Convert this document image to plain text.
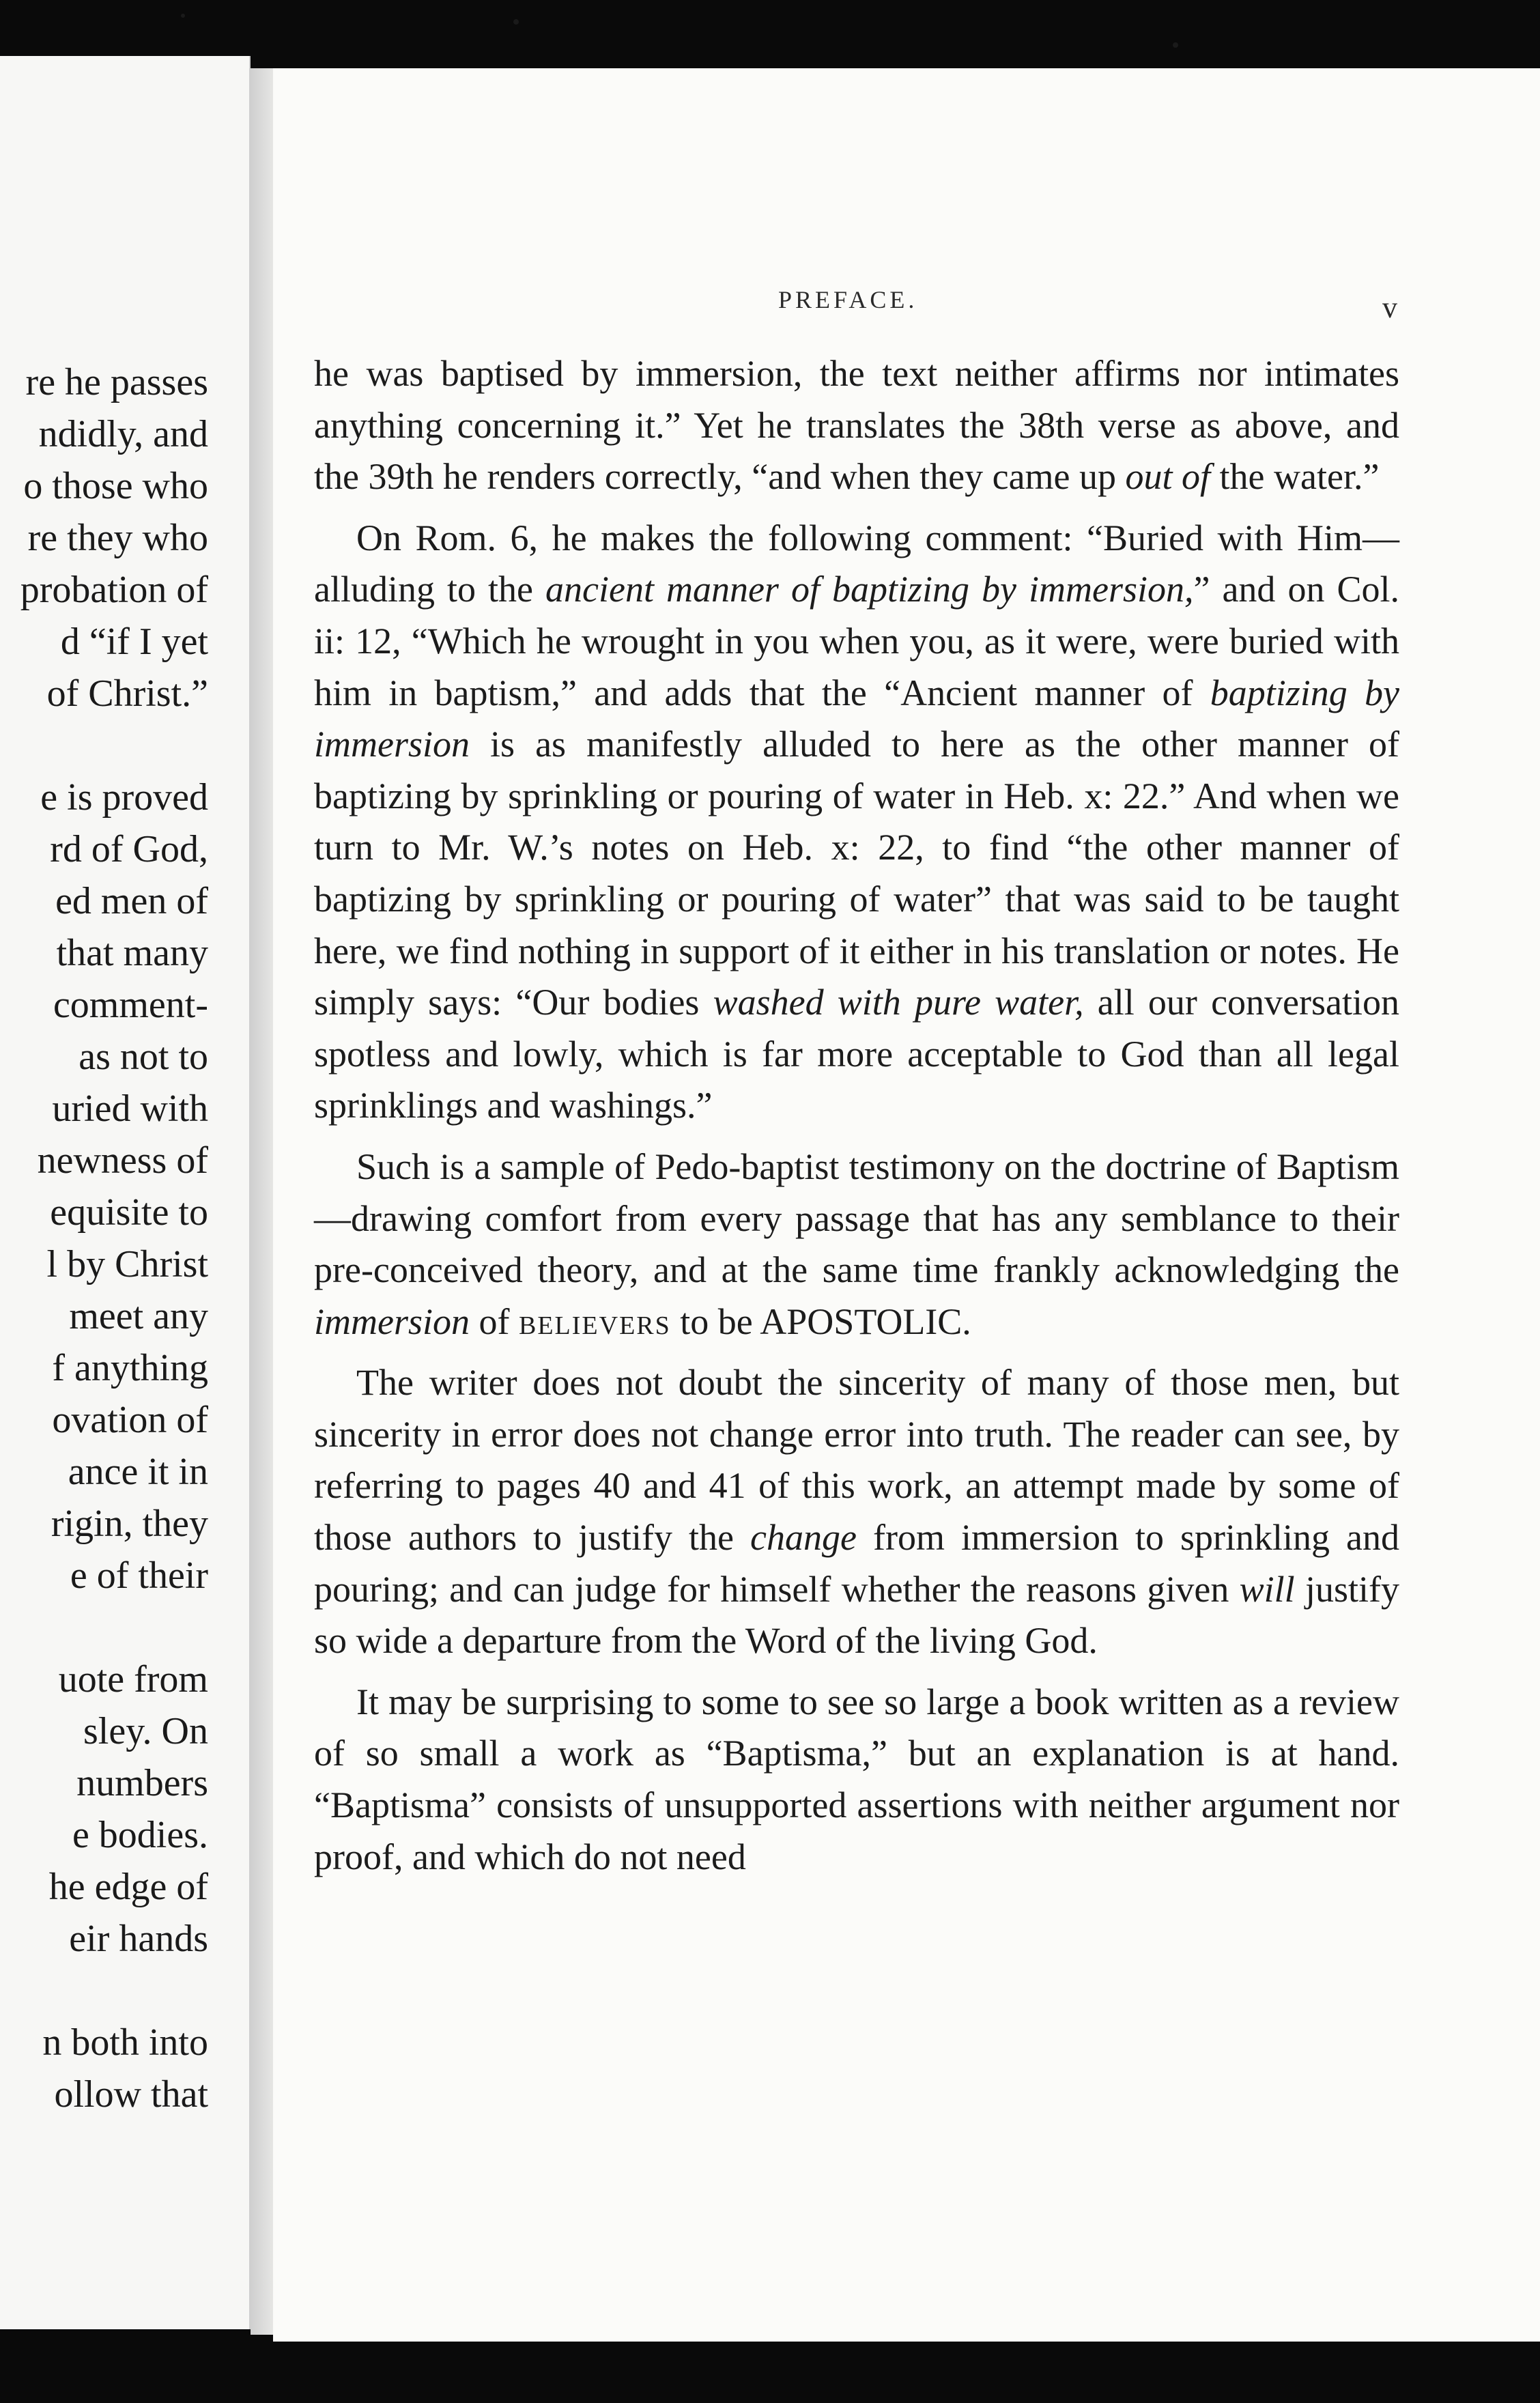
re he passes
ndidly, and
o those who
re they who
probation of
d “if I yet
of Christ.”
e is proved
rd of God,
ed men of
that many
comment-
as not to
uried with
newness of
equisite to
l by Christ
meet any
f anything
ovation of
ance it in
rigin, they
e of their
uote from
sley. On
numbers
e bodies.
he edge of
eir hands
n both into
ollow that
PREFACE.	v

he was baptised by immersion, the text neither affirms nor intimates anything concerning it.” Yet he translates the 38th verse as above, and the 39th he renders correctly, “and when they came up out of the water.”

On Rom. 6, he makes the following comment: “Buried with Him—alluding to the ancient manner of baptizing by immersion,” and on Col. ii: 12, “Which he wrought in you when you, as it were, were buried with him in baptism,” and adds that the “Ancient manner of baptizing by immersion is as manifestly alluded to here as the other manner of baptizing by sprinkling or pouring of water in Heb. x: 22.” And when we turn to Mr. W.’s notes on Heb. x: 22, to find “the other manner of baptizing by sprinkling or pouring of water” that was said to be taught here, we find nothing in support of it either in his translation or notes. He simply says: “Our bodies washed with pure water, all our conversation spotless and lowly, which is far more acceptable to God than all legal sprinklings and washings.”

Such is a sample of Pedo-baptist testimony on the doctrine of Baptism—drawing comfort from every passage that has any semblance to their pre-conceived theory, and at the same time frankly acknowledging the immersion of believers to be APOSTOLIC.

The writer does not doubt the sincerity of many of those men, but sincerity in error does not change error into truth. The reader can see, by referring to pages 40 and 41 of this work, an attempt made by some of those authors to justify the change from immersion to sprinkling and pouring; and can judge for himself whether the reasons given will justify so wide a departure from the Word of the living God.

It may be surprising to some to see so large a book written as a review of so small a work as “Baptisma,” but an explanation is at hand. “Baptisma” consists of unsupported assertions with neither argument nor proof, and which do not need
